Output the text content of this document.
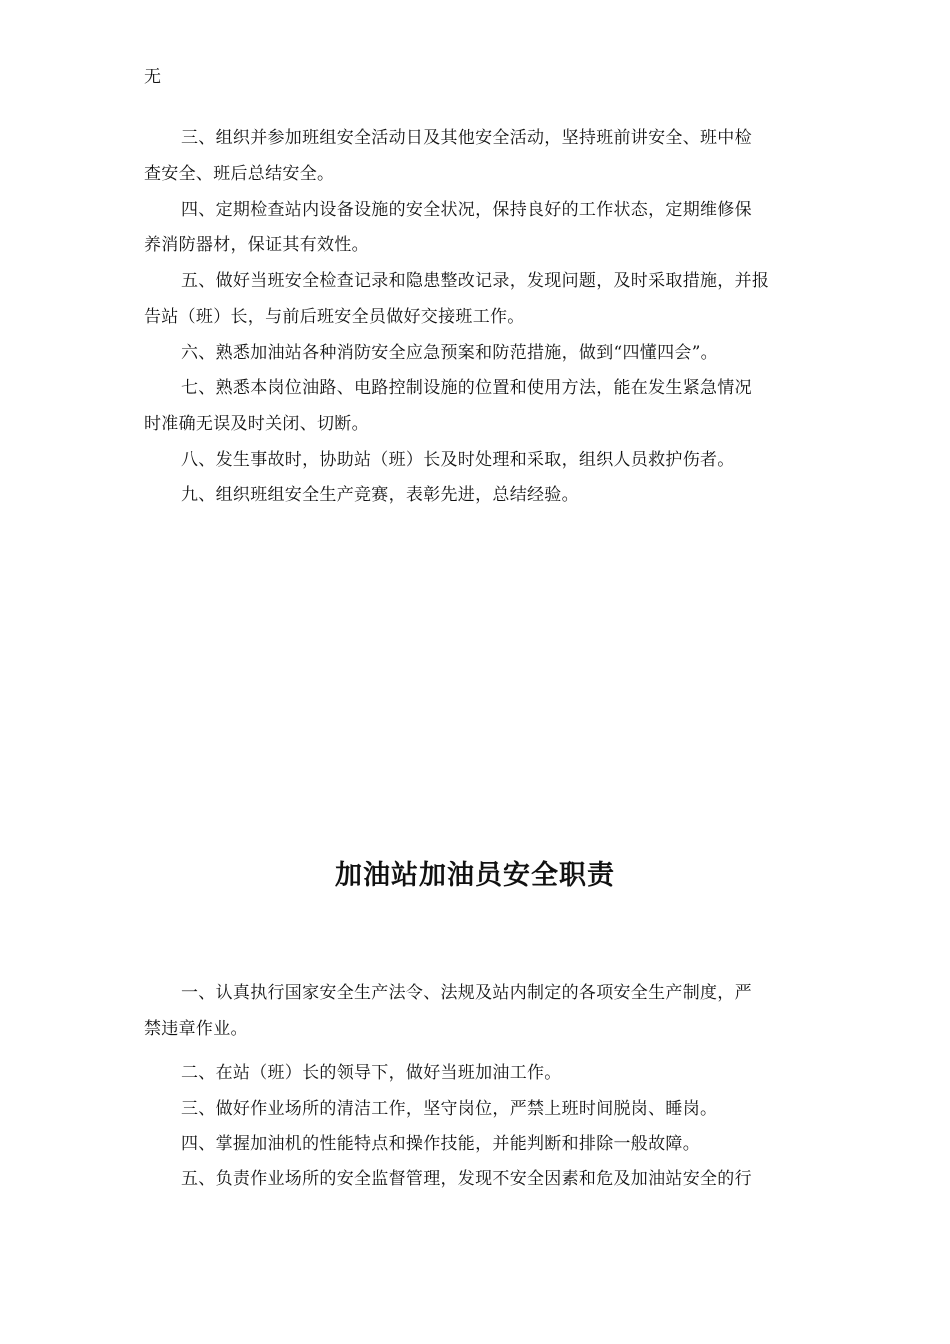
无
三、组织并参加班组安全活动日及其他安全活动，坚持班前讲安全、班中检
查安全、班后总结安全。
四、定期检查站内设备设施的安全状况，保持良好的工作状态，定期维修保
养消防器材，保证其有效性。
五、做好当班安全检查记录和隐患整改记录，发现问题，及时采取措施，并报
告站（班）长，与前后班安全员做好交接班工作。
六、熟悉加油站各种消防安全应急预案和防范措施，做到“四懂四会”。
七、熟悉本岗位油路、电路控制设施的位置和使用方法，能在发生紧急情况
时准确无误及时关闭、切断。
八、发生事故时，协助站（班）长及时处理和采取，组织人员救护伤者。
九、组织班组安全生产竞赛，表彰先进，总结经验。
加油站加油员安全职责
一、认真执行国家安全生产法令、法规及站内制定的各项安全生产制度，严
禁违章作业。
二、在站（班）长的领导下，做好当班加油工作。
三、做好作业场所的清洁工作，坚守岗位，严禁上班时间脱岗、睡岗。
四、掌握加油机的性能特点和操作技能，并能判断和排除一般故障。
五、负责作业场所的安全监督管理，发现不安全因素和危及加油站安全的行
